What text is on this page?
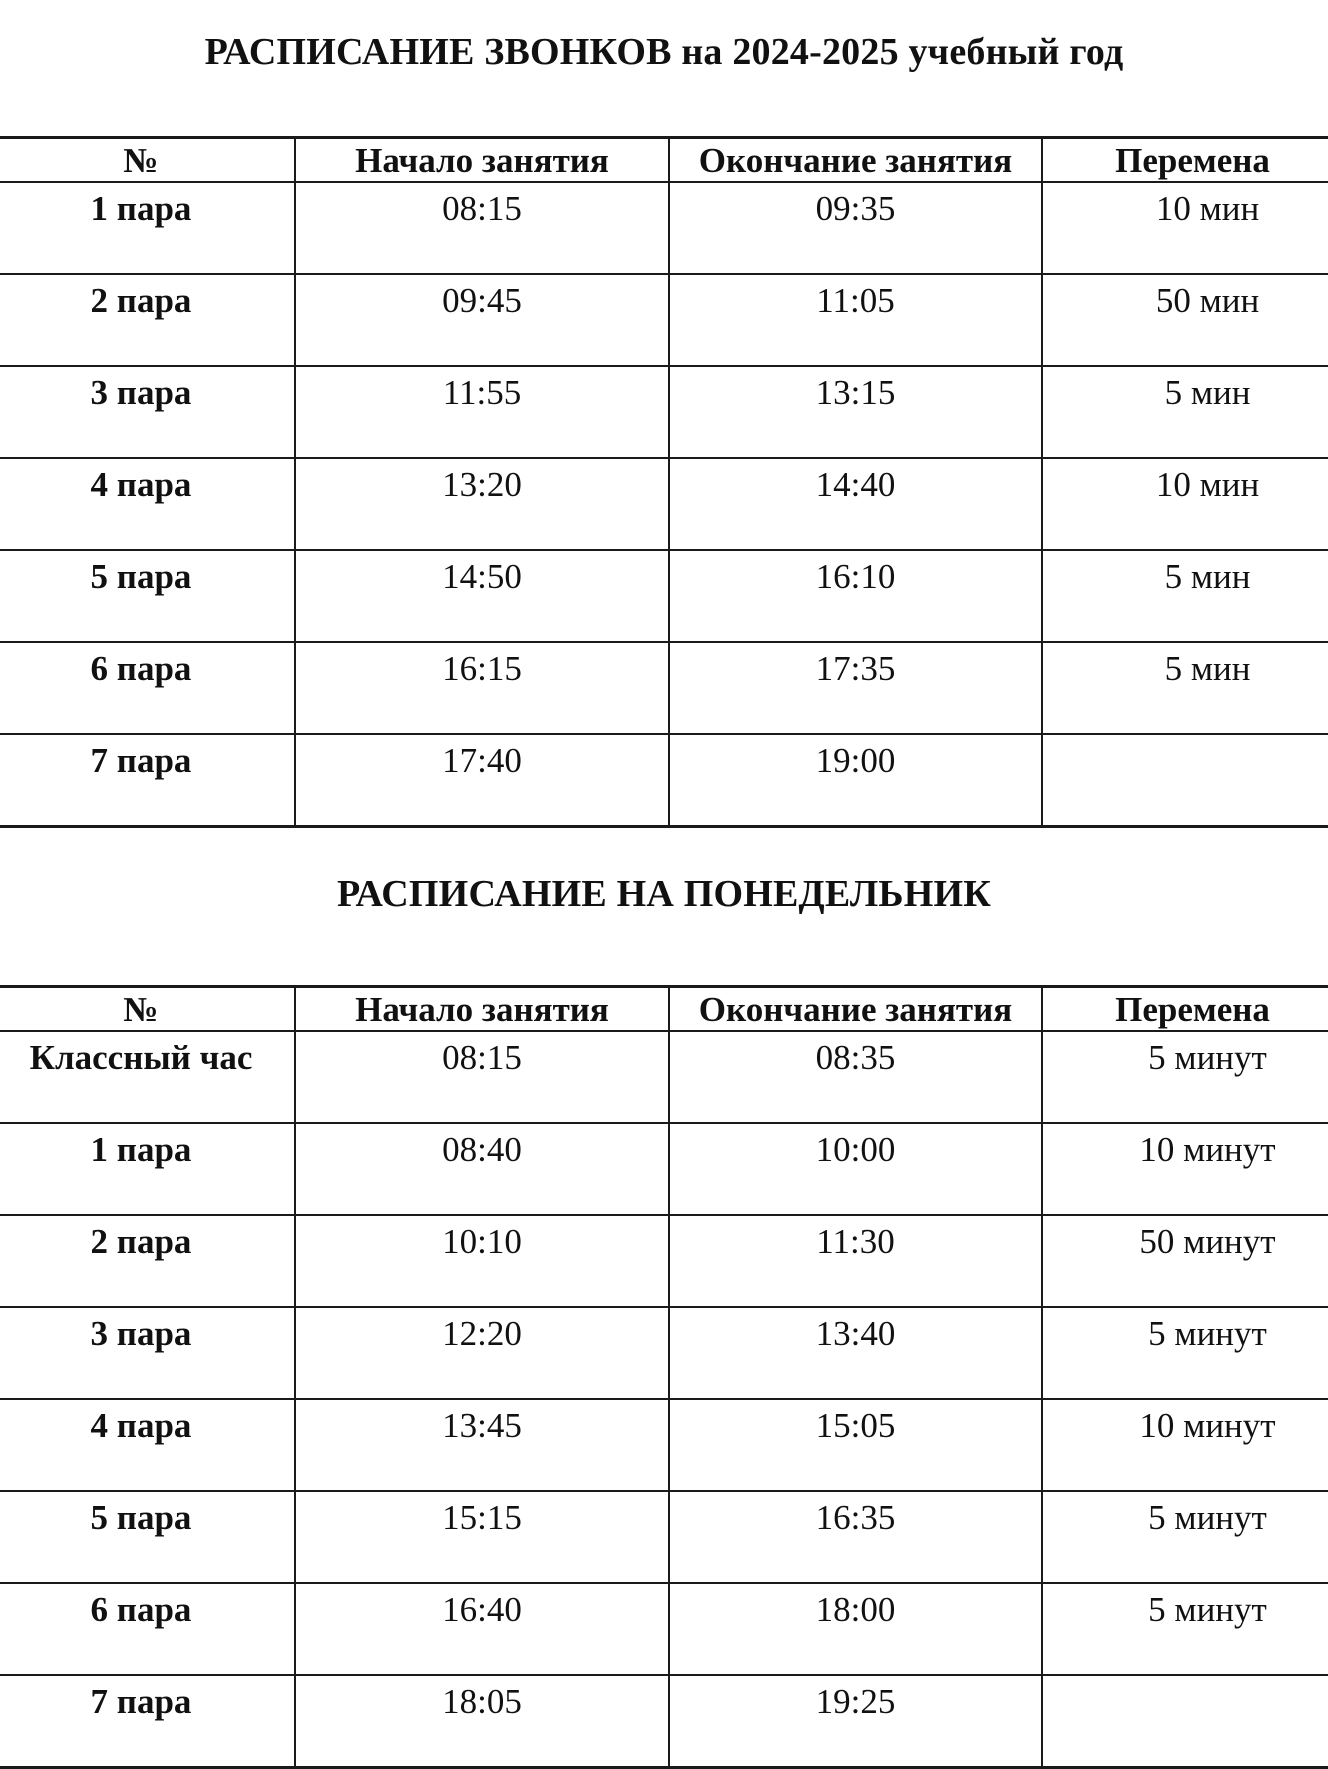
РАСПИСАНИЕ ЗВОНКОВ на 2024-2025 учебный год
№	Начало занятия	Окончание занятия	Перемена
1 пара	08:15	09:35	10 мин
2 пара	09:45	11:05	50 мин
3 пара	11:55	13:15	5 мин
4 пара	13:20	14:40	10 мин
5 пара	14:50	16:10	5 мин
6 пара	16:15	17:35	5 мин
7 пара	17:40	19:00	
РАСПИСАНИЕ НА ПОНЕДЕЛЬНИК
№	Начало занятия	Окончание занятия	Перемена
Классный час	08:15	08:35	5 минут
1 пара	08:40	10:00	10 минут
2 пара	10:10	11:30	50 минут
3 пара	12:20	13:40	5 минут
4 пара	13:45	15:05	10 минут
5 пара	15:15	16:35	5 минут
6 пара	16:40	18:00	5 минут
7 пара	18:05	19:25	
